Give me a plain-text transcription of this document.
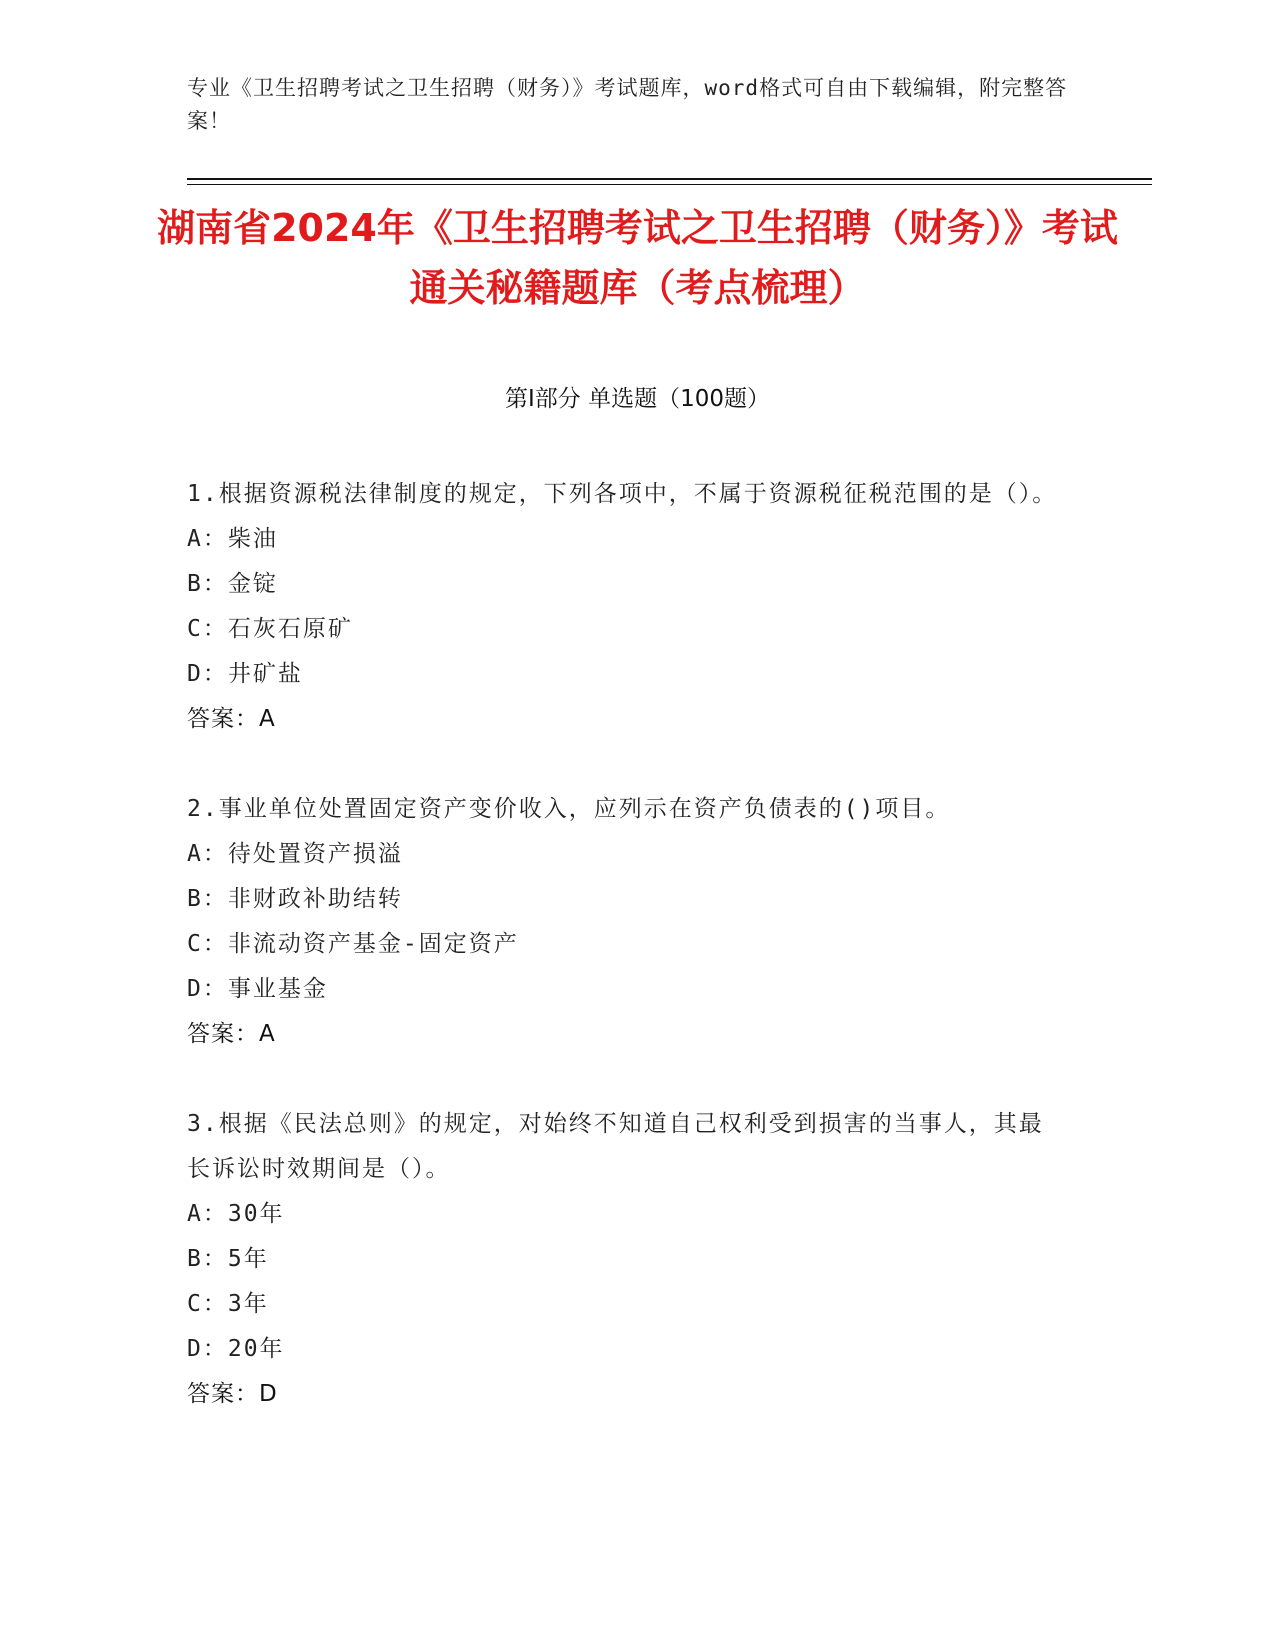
专业《卫生招聘考试之卫生招聘（财务）》考试题库，word格式可自由下载编辑，附完整答案！
湖南省2024年《卫生招聘考试之卫生招聘（财务）》考试通关秘籍题库（考点梳理）
第I部分 单选题（100题）
1.根据资源税法律制度的规定，下列各项中，不属于资源税征税范围的是（）。
A：柴油
B：金锭
C：石灰石原矿
D：井矿盐
答案：A
2.事业单位处置固定资产变价收入，应列示在资产负债表的()项目。
A：待处置资产损溢
B：非财政补助结转
C：非流动资产基金-固定资产
D：事业基金
答案：A
3.根据《民法总则》的规定，对始终不知道自己权利受到损害的当事人，其最长诉讼时效期间是（）。
A：30年
B：5年
C：3年
D：20年
答案：D
